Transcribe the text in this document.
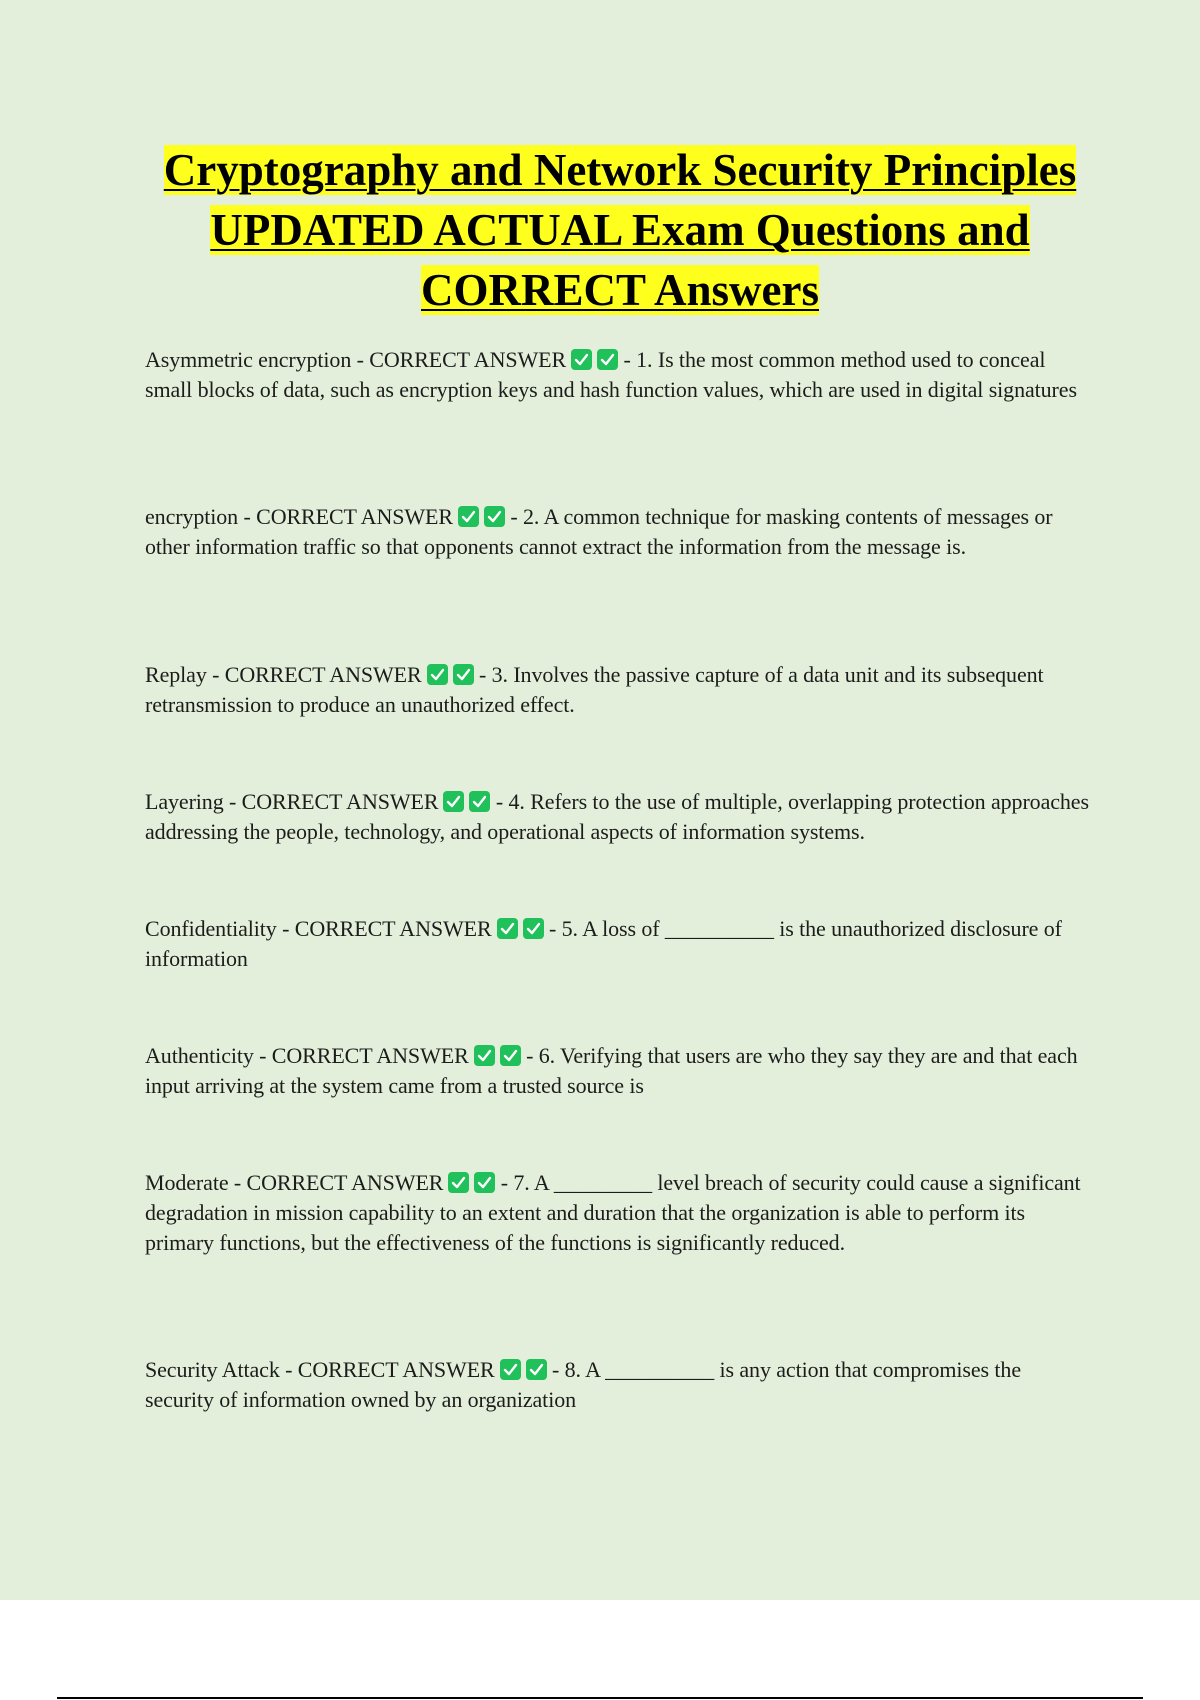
Cryptography and Network Security Principles UPDATED ACTUAL Exam Questions and CORRECT Answers

Asymmetric encryption - CORRECT ANSWER	- 1. Is the most common method used to conceal small blocks of data, such as encryption keys and hash function values, which are used in digital signatures

encryption - CORRECT ANSWER	- 2. A common technique for masking contents of messages or other information traffic so that opponents cannot extract the information from the message is.

Replay - CORRECT ANSWER	- 3. Involves the passive capture of a data unit and its subsequent retransmission to produce an unauthorized effect.

Layering - CORRECT ANSWER	- 4. Refers to the use of multiple, overlapping protection approaches addressing the people, technology, and operational aspects of information systems.

Confidentiality - CORRECT ANSWER	- 5. A loss of __________ is the unauthorized disclosure of information

Authenticity - CORRECT ANSWER	- 6. Verifying that users are who they say they are and that each input arriving at the system came from a trusted source is

Moderate - CORRECT ANSWER	- 7. A _________ level breach of security could cause a significant degradation in mission capability to an extent and duration that the organization is able to perform its primary functions, but the effectiveness of the functions is significantly reduced.

Security Attack - CORRECT ANSWER	- 8. A __________ is any action that compromises the security of information owned by an organization
